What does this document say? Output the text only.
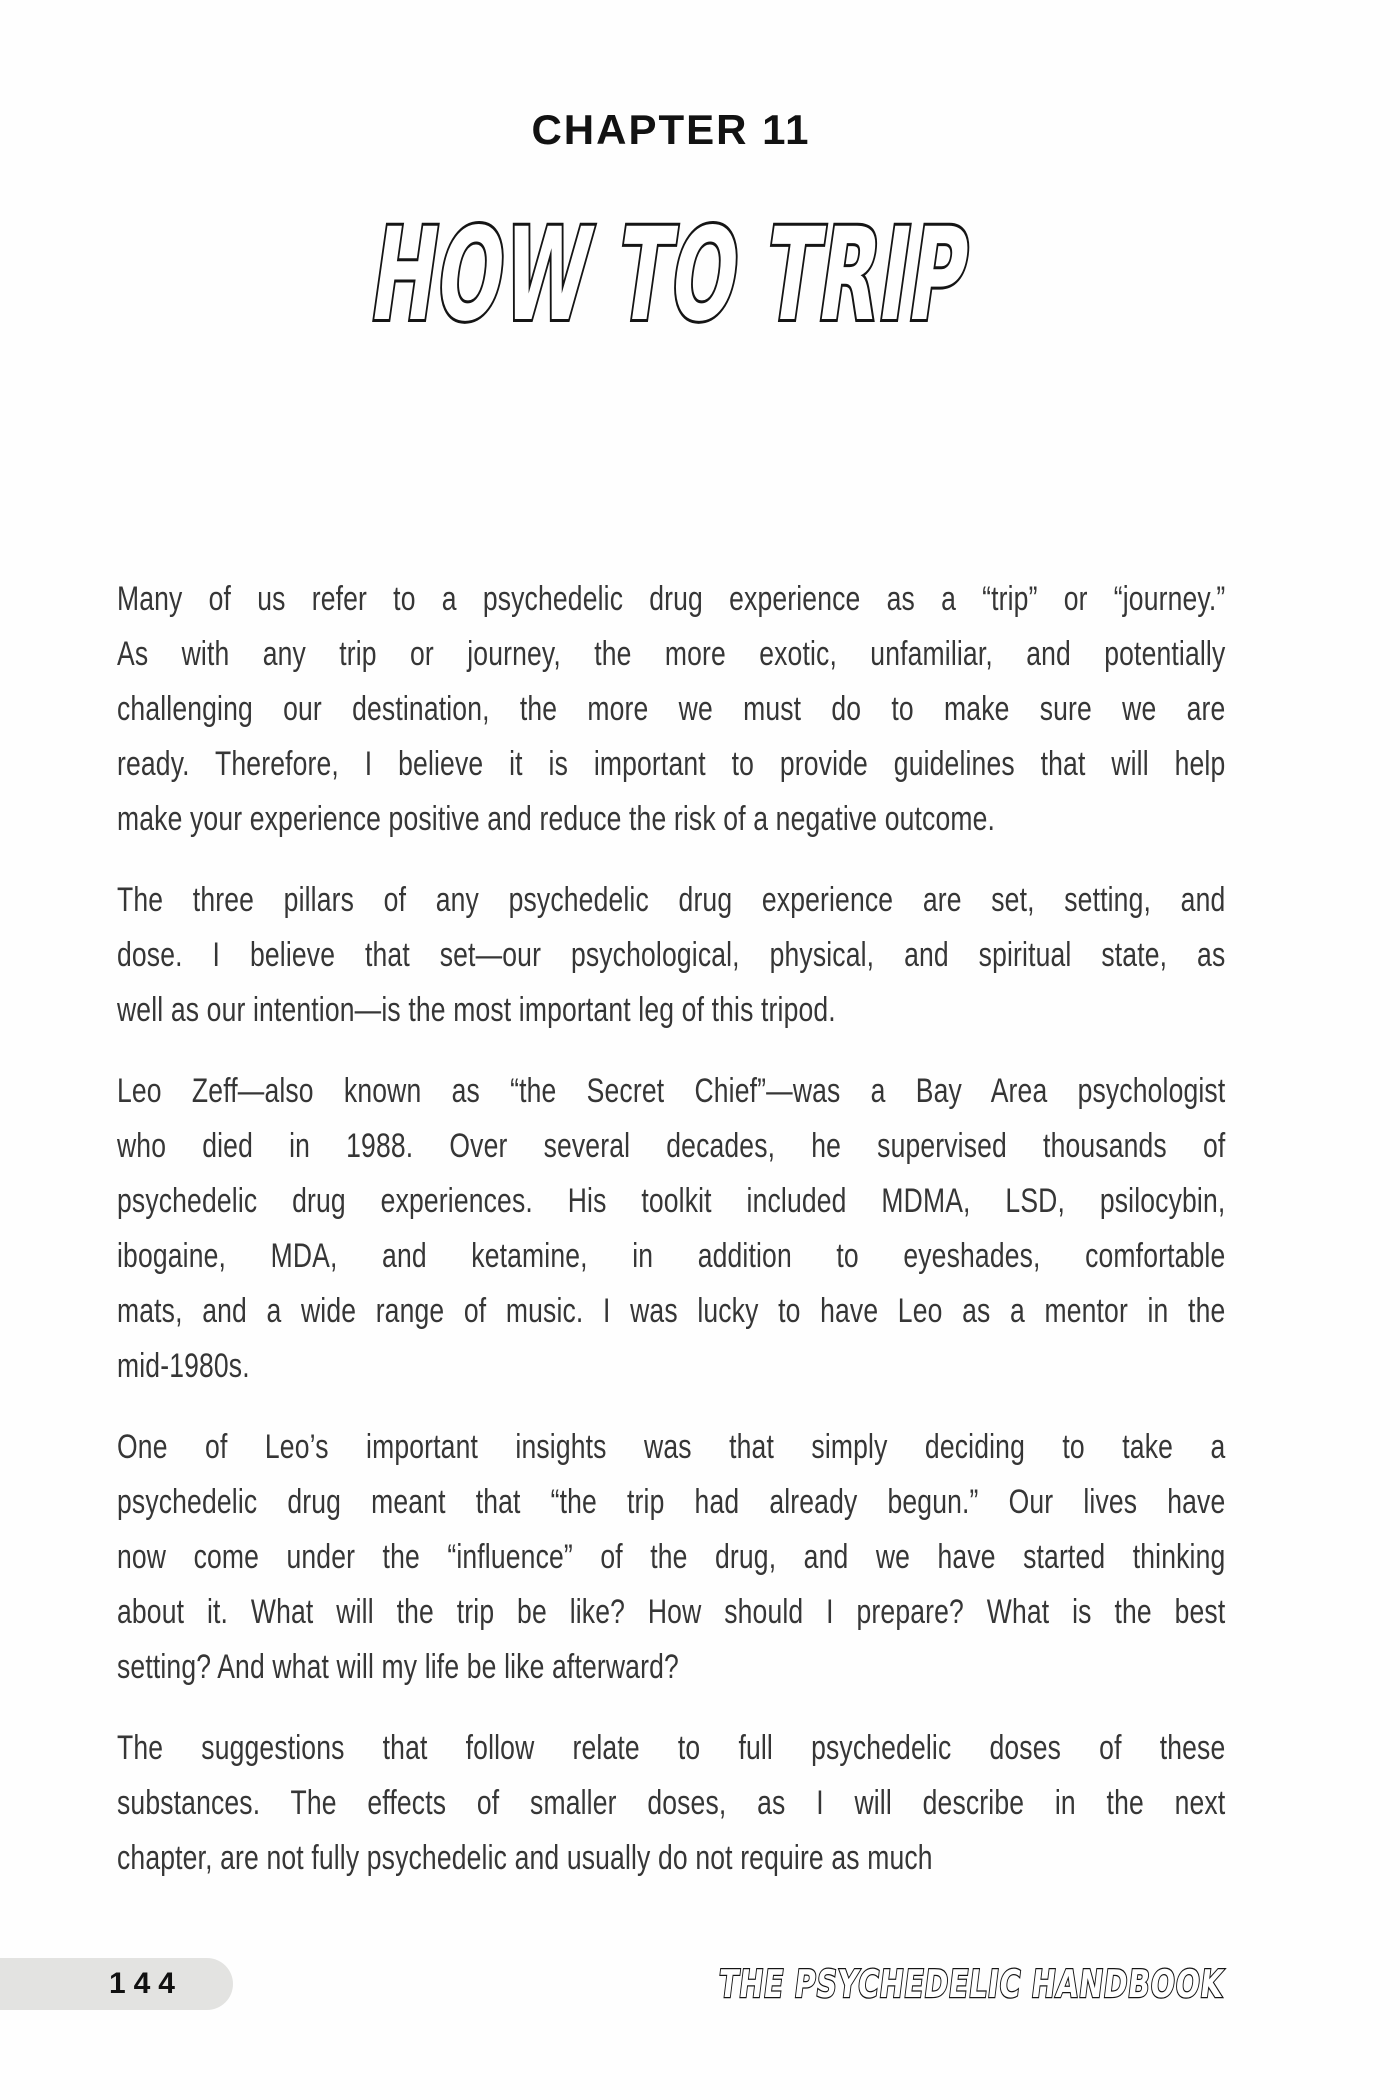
CHAPTER 11
HOW TO TRIP
Many of us refer to a psychedelic drug experience as a “trip” or “journey.”
As with any trip or journey, the more exotic, unfamiliar, and potentially
challenging our destination, the more we must do to make sure we are
ready. Therefore, I believe it is important to provide guidelines that will help
make your experience positive and reduce the risk of a negative outcome.
The three pillars of any psychedelic drug experience are set, setting, and
dose. I believe that set—our psychological, physical, and spiritual state, as
well as our intention—is the most important leg of this tripod.
Leo Zeff—also known as “the Secret Chief”—was a Bay Area psychologist
who died in 1988. Over several decades, he supervised thousands of
psychedelic drug experiences. His toolkit included MDMA, LSD, psilocybin,
ibogaine, MDA, and ketamine, in addition to eyeshades, comfortable
mats, and a wide range of music. I was lucky to have Leo as a mentor in the
mid-1980s.
One of Leo’s important insights was that simply deciding to take a
psychedelic drug meant that “the trip had already begun.” Our lives have
now come under the “influence” of the drug, and we have started thinking
about it. What will the trip be like? How should I prepare? What is the best
setting? And what will my life be like afterward?
The suggestions that follow relate to full psychedelic doses of these
substances. The effects of smaller doses, as I will describe in the next
chapter, are not fully psychedelic and usually do not require as much
144	THE PSYCHEDELIC HANDBOOK
